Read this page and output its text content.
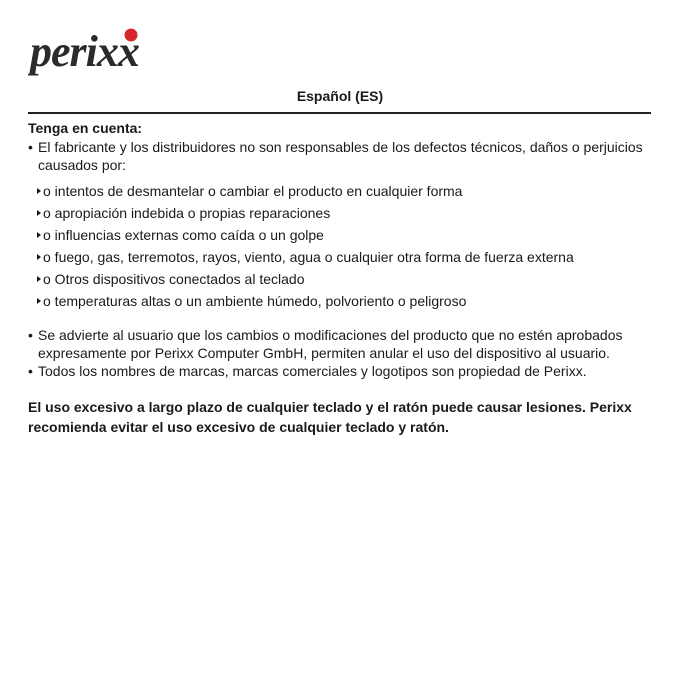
perixx
Español (ES)
Tenga en cuenta:
• El fabricante y los distribuidores no son responsables de los defectos técnicos, daños o perjuicios causados por:
o intentos de desmantelar o cambiar el producto en cualquier forma
o apropiación indebida o propias reparaciones
o influencias externas como caída o un golpe
o fuego, gas, terremotos, rayos, viento, agua o cualquier otra forma de fuerza externa
o Otros dispositivos conectados al teclado
o temperaturas altas o un ambiente húmedo, polvoriento o peligroso
• Se advierte al usuario que los cambios o modificaciones del producto que no estén aprobados expresamente por Perixx Computer GmbH, permiten anular el uso del dispositivo al usuario.
• Todos los nombres de marcas, marcas comerciales y logotipos son propiedad de Perixx.
El uso excesivo a largo plazo de cualquier teclado y el ratón puede causar lesiones. Perixx recomienda evitar el uso excesivo de cualquier teclado y ratón.
